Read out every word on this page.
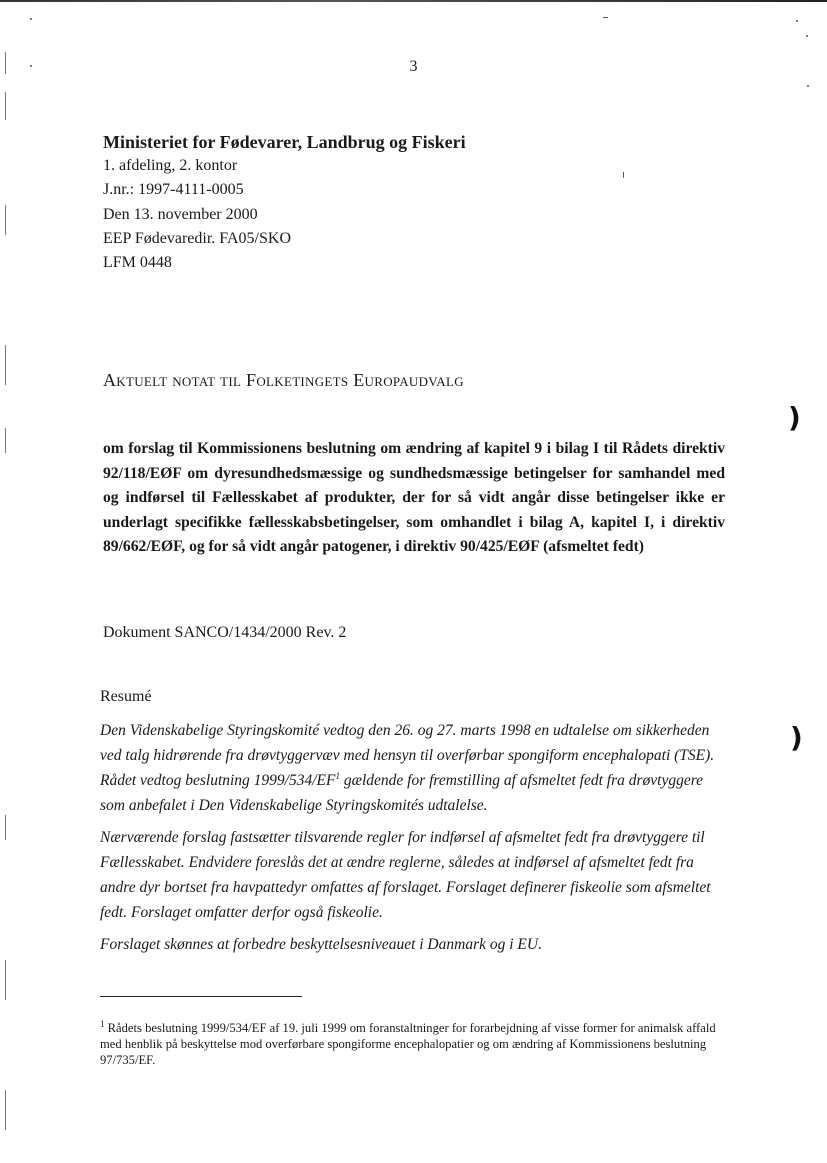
)
)
3
Ministeriet for Fødevarer, Landbrug og Fiskeri
1. afdeling, 2. kontor
J.nr.: 1997-4111-0005
Den 13. november 2000
EEP Fødevaredir. FA05/SKO
LFM 0448
Aktuelt notat til Folketingets Europaudvalg
om forslag til Kommissionens beslutning om ændring af kapitel 9 i bilag I til Rådets direktiv 92/118/EØF om dyresundhedsmæssige og sundhedsmæssige betingelser for samhandel med og indførsel til Fællesskabet af produkter, der for så vidt angår disse betingelser ikke er underlagt specifikke fællesskabsbetingelser, som omhandlet i bilag A, kapitel I, i direktiv 89/662/EØF, og for så vidt angår patogener, i direktiv 90/425/EØF (afsmeltet fedt)
Dokument SANCO/1434/2000 Rev. 2
Resumé

Den Videnskabelige Styringskomité vedtog den 26. og 27. marts 1998 en udtalelse om sikkerheden ved talg hidrørende fra drøvtyggervæv med hensyn til overførbar spongiform encephalopati (TSE). Rådet vedtog beslutning $1999/534/EF^1$ gældende for fremstilling af afsmeltet fedt fra drøvtyggere som anbefalet i Den Videnskabelige Styringskomités udtalelse.

Nærværende forslag fastsætter tilsvarende regler for indførsel af afsmeltet fedt fra drøvtyggere til Fællesskabet. Endvidere foreslås det at ændre reglerne, således at indførsel af afsmeltet fedt fra andre dyr bortset fra havpattedyr omfattes af forslaget. Forslaget definerer fiskeolie som afsmeltet fedt. Forslaget omfatter derfor også fiskeolie.

Forslaget skønnes at forbedre beskyttelsesniveauet i Danmark og i EU.

$^1$ Rådets beslutning 1999/534/EF af 19. juli 1999 om foranstaltninger for forarbejdning af visse former for animalsk affald med henblik på beskyttelse mod overførbare spongiforme encephalopatier og om ændring af Kommissionens beslutning 97/735/EF.
